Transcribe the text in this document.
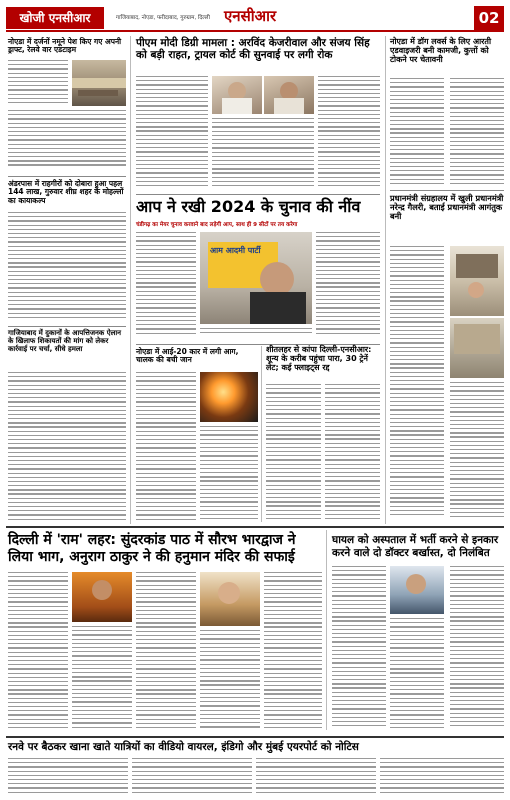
खोजी एनसीआर	गाजियाबाद, नोएडा, फरीदाबाद, गुरुग्राम, दिल्ली एनसीआर	02
नोएडा में दर्जनों नमूने पेश किए गए अपनी ड्राफ्ट, रेलवे वार एडटाइम
अंडरपास में राहगीरों को दोबारा हुआ पहल 144 लाख, गुरुवार शीघ्र शहर के मोहल्लों का कायाकल्प
गाजियाबाद में दुकानों के आपत्तिजनक ऐलान के खिलाफ शिकायतों की मांग को लेकर कार्रवाई पर चर्चा, सीधे हमला
पीएम मोदी डिग्री मामला : अरविंद केजरीवाल और संजय सिंह को बड़ी राहत, ट्रायल कोर्ट की सुनवाई पर लगी रोक
आप ने रखी 2024 के चुनाव की नींव
चंडीगढ़ का मेयर चुनाव करवाने बाद लड़ेगी आप, साथ ही 9 सीटों पर तय करेगा
आम आदमी पार्टी
नोएडा में आई-20 कार में लगी आग, चालक की बची जान
शीतलहर से कांपा दिल्ली-एनसीआर: शून्य के करीब पहुंचा पारा, 30 ट्रेनें लेट; कई फ्लाइट्स रद्द
नोएडा में डॉग लवर्स के लिए आरती एडवाइजरी बनी कामजी, कुत्तों को टोकने पर चेतावनी
प्रधानमंत्री संग्रहालय में खुली प्रधानमंत्री नरेन्द्र गैलरी, बताई प्रधानमंत्री आगंतुक बनी
दिल्ली में 'राम' लहर: सुंदरकांड पाठ में सौरभ भारद्वाज ने लिया भाग, अनुराग ठाकुर ने की हनुमान मंदिर की सफाई
घायल को अस्पताल में भर्ती करने से इनकार करने वाले दो डॉक्टर बर्खास्त, दो निलंबित
रनवे पर बैठकर खाना खाते यात्रियों का वीडियो वायरल, इंडिगो और मुंबई एयरपोर्ट को नोटिस
